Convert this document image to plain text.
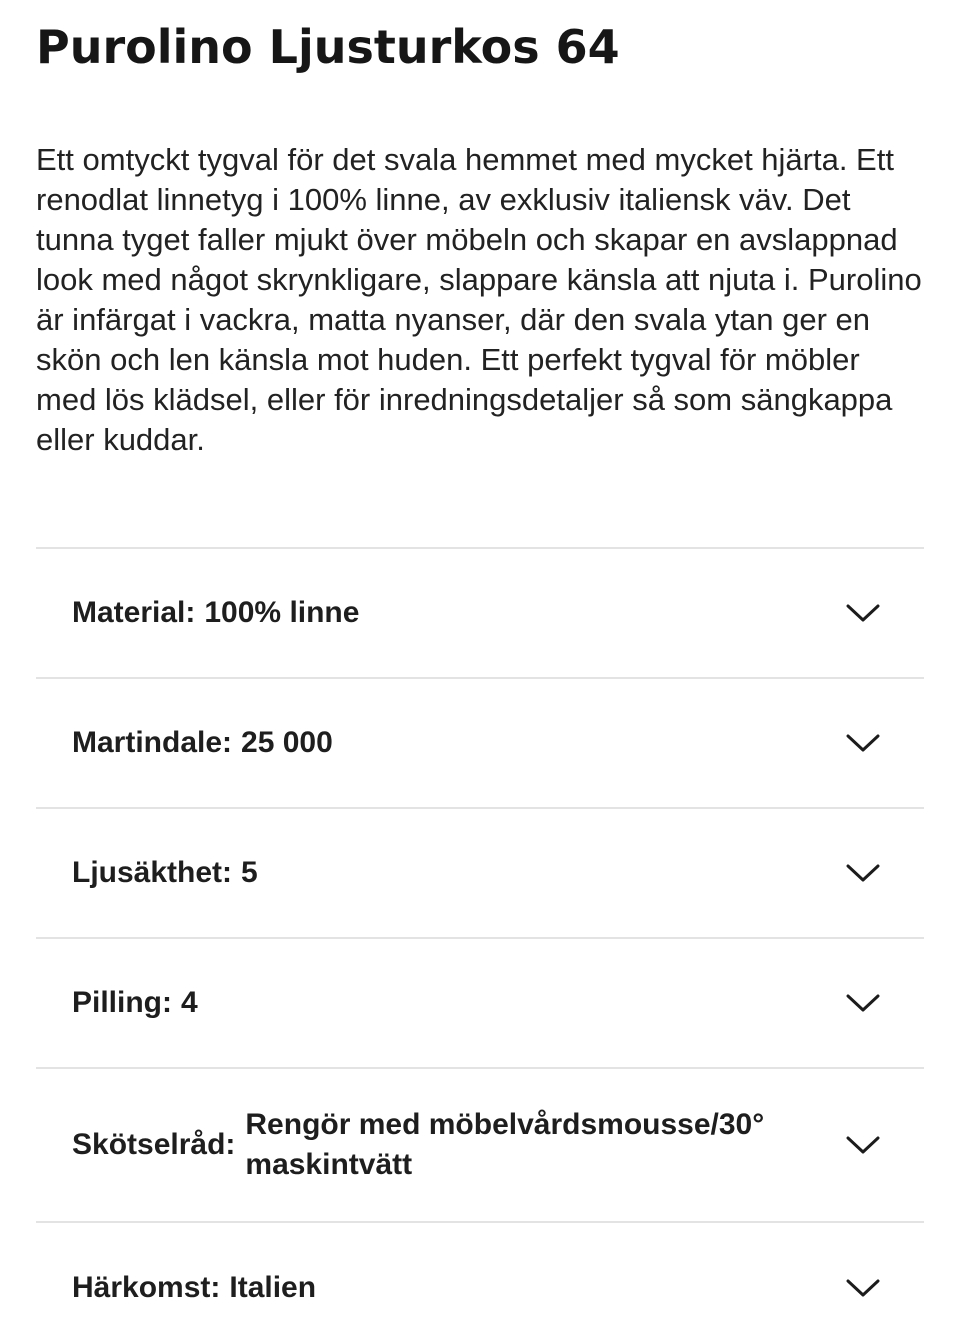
Purolino Ljusturkos 64

Ett omtyckt tygval för det svala hemmet med mycket hjärta. Ett renodlat linnetyg i 100% linne, av exklusiv italiensk väv. Det tunna tyget faller mjukt över möbeln och skapar en avslappnad look med något skrynkligare, slappare känsla att njuta i. Purolino är infärgat i vackra, matta nyanser, där den svala ytan ger en skön och len känsla mot huden. Ett perfekt tygval för möbler med lös klädsel, eller för inredningsdetaljer så som sängkappa eller kuddar.

Material: 100% linne
Martindale: 25 000
Ljusäkthet: 5
Pilling: 4
Skötselråd:
Rengör med möbelvårdsmousse/30° maskintvätt
Härkomst: Italien
